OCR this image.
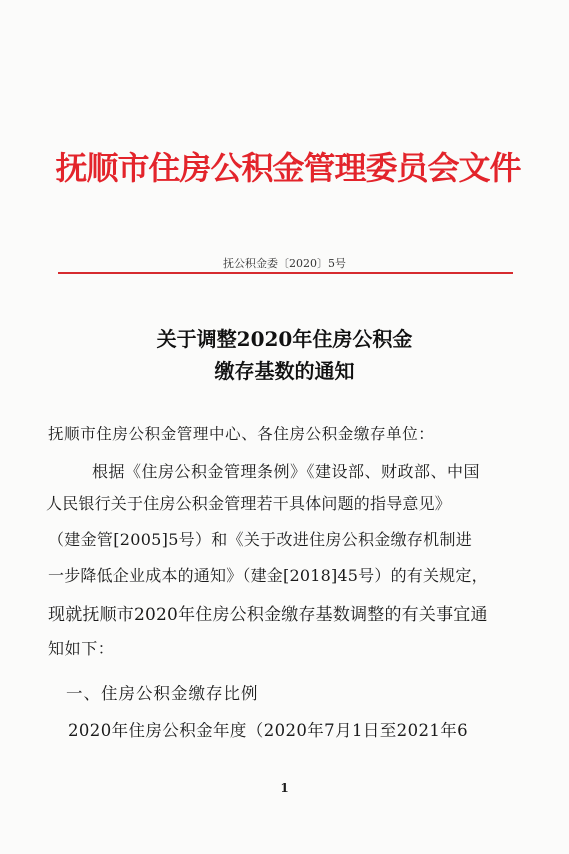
抚顺市住房公积金管理委员会文件
抚公积金委〔2020〕5号
关于调整2020年住房公积金
缴存基数的通知
抚顺市住房公积金管理中心、各住房公积金缴存单位：
根据《住房公积金管理条例》《建设部、财政部、中国
人民银行关于住房公积金管理若干具体问题的指导意见》
（建金管[2005]5号）和《关于改进住房公积金缴存机制进
一步降低企业成本的通知》（建金[2018]45号）的有关规定，
现就抚顺市2020年住房公积金缴存基数调整的有关事宜通
知如下：
一、住房公积金缴存比例
2020年住房公积金年度（2020年7月1日至2021年6
1
